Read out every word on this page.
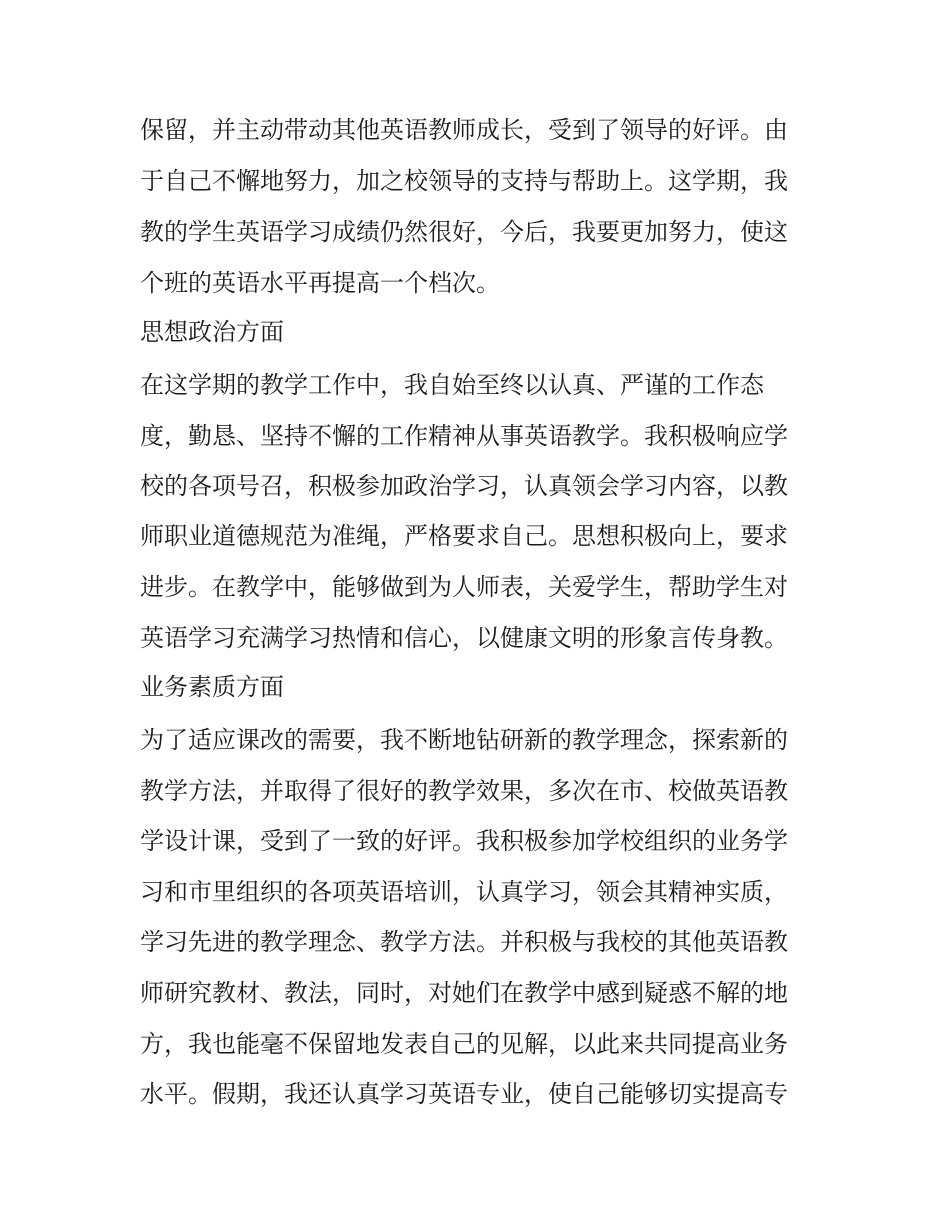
保留，并主动带动其他英语教师成长，受到了领导的好评。由
于自己不懈地努力，加之校领导的支持与帮助上。这学期，我
教的学生英语学习成绩仍然很好，今后，我要更加努力，使这
个班的英语水平再提高一个档次。
思想政治方面
在这学期的教学工作中，我自始至终以认真、严谨的工作态
度，勤恳、坚持不懈的工作精神从事英语教学。我积极响应学
校的各项号召，积极参加政治学习，认真领会学习内容，以教
师职业道德规范为准绳，严格要求自己。思想积极向上，要求
进步。在教学中，能够做到为人师表，关爱学生，帮助学生对
英语学习充满学习热情和信心，以健康文明的形象言传身教。
业务素质方面
为了适应课改的需要，我不断地钻研新的教学理念，探索新的
教学方法，并取得了很好的教学效果，多次在市、校做英语教
学设计课，受到了一致的好评。我积极参加学校组织的业务学
习和市里组织的各项英语培训，认真学习，领会其精神实质，
学习先进的教学理念、教学方法。并积极与我校的其他英语教
师研究教材、教法，同时，对她们在教学中感到疑惑不解的地
方，我也能毫不保留地发表自己的见解，以此来共同提高业务
水平。假期，我还认真学习英语专业，使自己能够切实提高专
